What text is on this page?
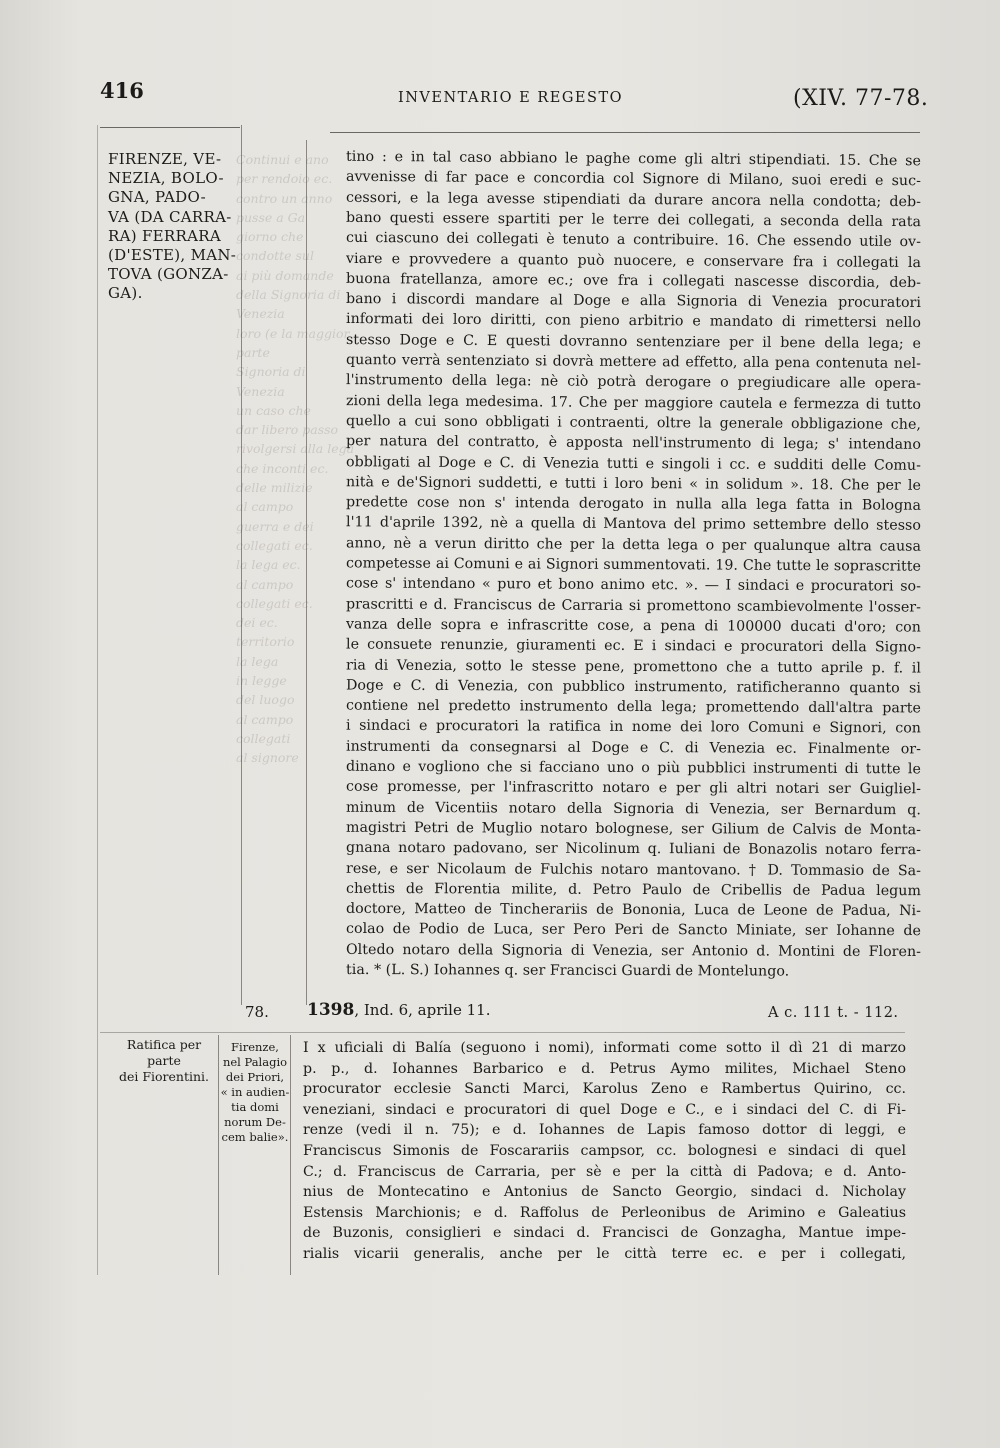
416	INVENTARIO E REGESTO	(XIV. 77-78.
FIRENZE, VE-
NEZIA, BOLO-
GNA, PADO-
VA (DA CARRA-
RA) FERRARA
(D'ESTE), MAN-
TOVA (GONZA-
GA).
Continui e ano
per rendoio ec.
contro un anno
pusse a Ga
giorno che
condotte sul
ai più domande
della Signoria di Venezia
loro (e la maggior parte
Signoria di Venezia
un caso che
dar libero passo
rivolgersi alla lega
che inconti ec.
delle milizie
al campo
guerra e dei
collegati ec.
la lega ec.
al campo
collegati ec.
dei ec.
territorio
la lega
in legge
del luogo
al campo
collegati
al signore
tino : e in tal caso abbiano le paghe come gli altri stipendiati. 15. Che se
avvenisse di far pace e concordia col Signore di Milano, suoi eredi e suc-
cessori, e la lega avesse stipendiati da durare ancora nella condotta; deb-
bano questi essere spartiti per le terre dei collegati, a seconda della rata
cui ciascuno dei collegati è tenuto a contribuire. 16. Che essendo utile ov-
viare e provvedere a quanto può nuocere, e conservare fra i collegati la
buona fratellanza, amore ec.; ove fra i collegati nascesse discordia, deb-
bano i discordi mandare al Doge e alla Signoria di Venezia procuratori
informati dei loro diritti, con pieno arbitrio e mandato di rimettersi nello
stesso Doge e C. E questi dovranno sentenziare per il bene della lega; e
quanto verrà sentenziato si dovrà mettere ad effetto, alla pena contenuta nel-
l'instrumento della lega: nè ciò potrà derogare o pregiudicare alle opera-
zioni della lega medesima. 17. Che per maggiore cautela e fermezza di tutto
quello a cui sono obbligati i contraenti, oltre la generale obbligazione che,
per natura del contratto, è apposta nell'instrumento di lega; s' intendano
obbligati al Doge e C. di Venezia tutti e singoli i cc. e sudditi delle Comu-
nità e de'Signori suddetti, e tutti i loro beni « in solidum ». 18. Che per le
predette cose non s' intenda derogato in nulla alla lega fatta in Bologna
l'11 d'aprile 1392, nè a quella di Mantova del primo settembre dello stesso
anno, nè a verun diritto che per la detta lega o per qualunque altra causa
competesse ai Comuni e ai Signori summentovati. 19. Che tutte le soprascritte
cose s' intendano « puro et bono animo etc. ». — I sindaci e procuratori so-
prascritti e d. Franciscus de Carraria si promettono scambievolmente l'osser-
vanza delle sopra e infrascritte cose, a pena di 100000 ducati d'oro; con
le consuete renunzie, giuramenti ec. E i sindaci e procuratori della Signo-
ria di Venezia, sotto le stesse pene, promettono che a tutto aprile p. f. il
Doge e C. di Venezia, con pubblico instrumento, ratificheranno quanto si
contiene nel predetto instrumento della lega; promettendo dall'altra parte
i sindaci e procuratori la ratifica in nome dei loro Comuni e Signori, con
instrumenti da consegnarsi al Doge e C. di Venezia ec. Finalmente or-
dinano e vogliono che si facciano uno o più pubblici instrumenti di tutte le
cose promesse, per l'infrascritto notaro e per gli altri notari ser Guigliel-
minum de Vicentiis notaro della Signoria di Venezia, ser Bernardum q.
magistri Petri de Muglio notaro bolognese, ser Gilium de Calvis de Monta-
gnana notaro padovano, ser Nicolinum q. Iuliani de Bonazolis notaro ferra-
rese, e ser Nicolaum de Fulchis notaro mantovano. † D. Tommasio de Sa-
chettis de Florentia milite, d. Petro Paulo de Cribellis de Padua legum
doctore, Matteo de Tincherariis de Bononia, Luca de Leone de Padua, Ni-
colao de Podio de Luca, ser Pero Peri de Sancto Miniate, ser Iohanne de
Oltedo notaro della Signoria di Venezia, ser Antonio d. Montini de Floren-
tia. * (L. S.) Iohannes q. ser Francisci Guardi de Montelungo.
78. 1398, Ind. 6, aprile 11.	A c. 111 t. - 112.
Ratifica per parte
dei Fiorentini.
Firenze,
nel Palagio
dei Priori,
« in audien-
tia domi
norum De-
cem balie».
I x uficiali di Balía (seguono i nomi), informati come sotto il dì 21 di marzo
p. p., d. Iohannes Barbarico e d. Petrus Aymo milites, Michael Steno
procurator ecclesie Sancti Marci, Karolus Zeno e Rambertus Quirino, cc.
veneziani, sindaci e procuratori di quel Doge e C., e i sindaci del C. di Fi-
renze (vedi il n. 75); e d. Iohannes de Lapis famoso dottor di leggi, e
Franciscus Simonis de Foscarariis campsor, cc. bolognesi e sindaci di quel
C.; d. Franciscus de Carraria, per sè e per la città di Padova; e d. Anto-
nius de Montecatino e Antonius de Sancto Georgio, sindaci d. Nicholay
Estensis Marchionis; e d. Raffolus de Perleonibus de Arimino e Galeatius
de Buzonis, consiglieri e sindaci d. Francisci de Gonzagha, Mantue impe-
rialis vicarii generalis, anche per le città terre ec. e per i collegati,
